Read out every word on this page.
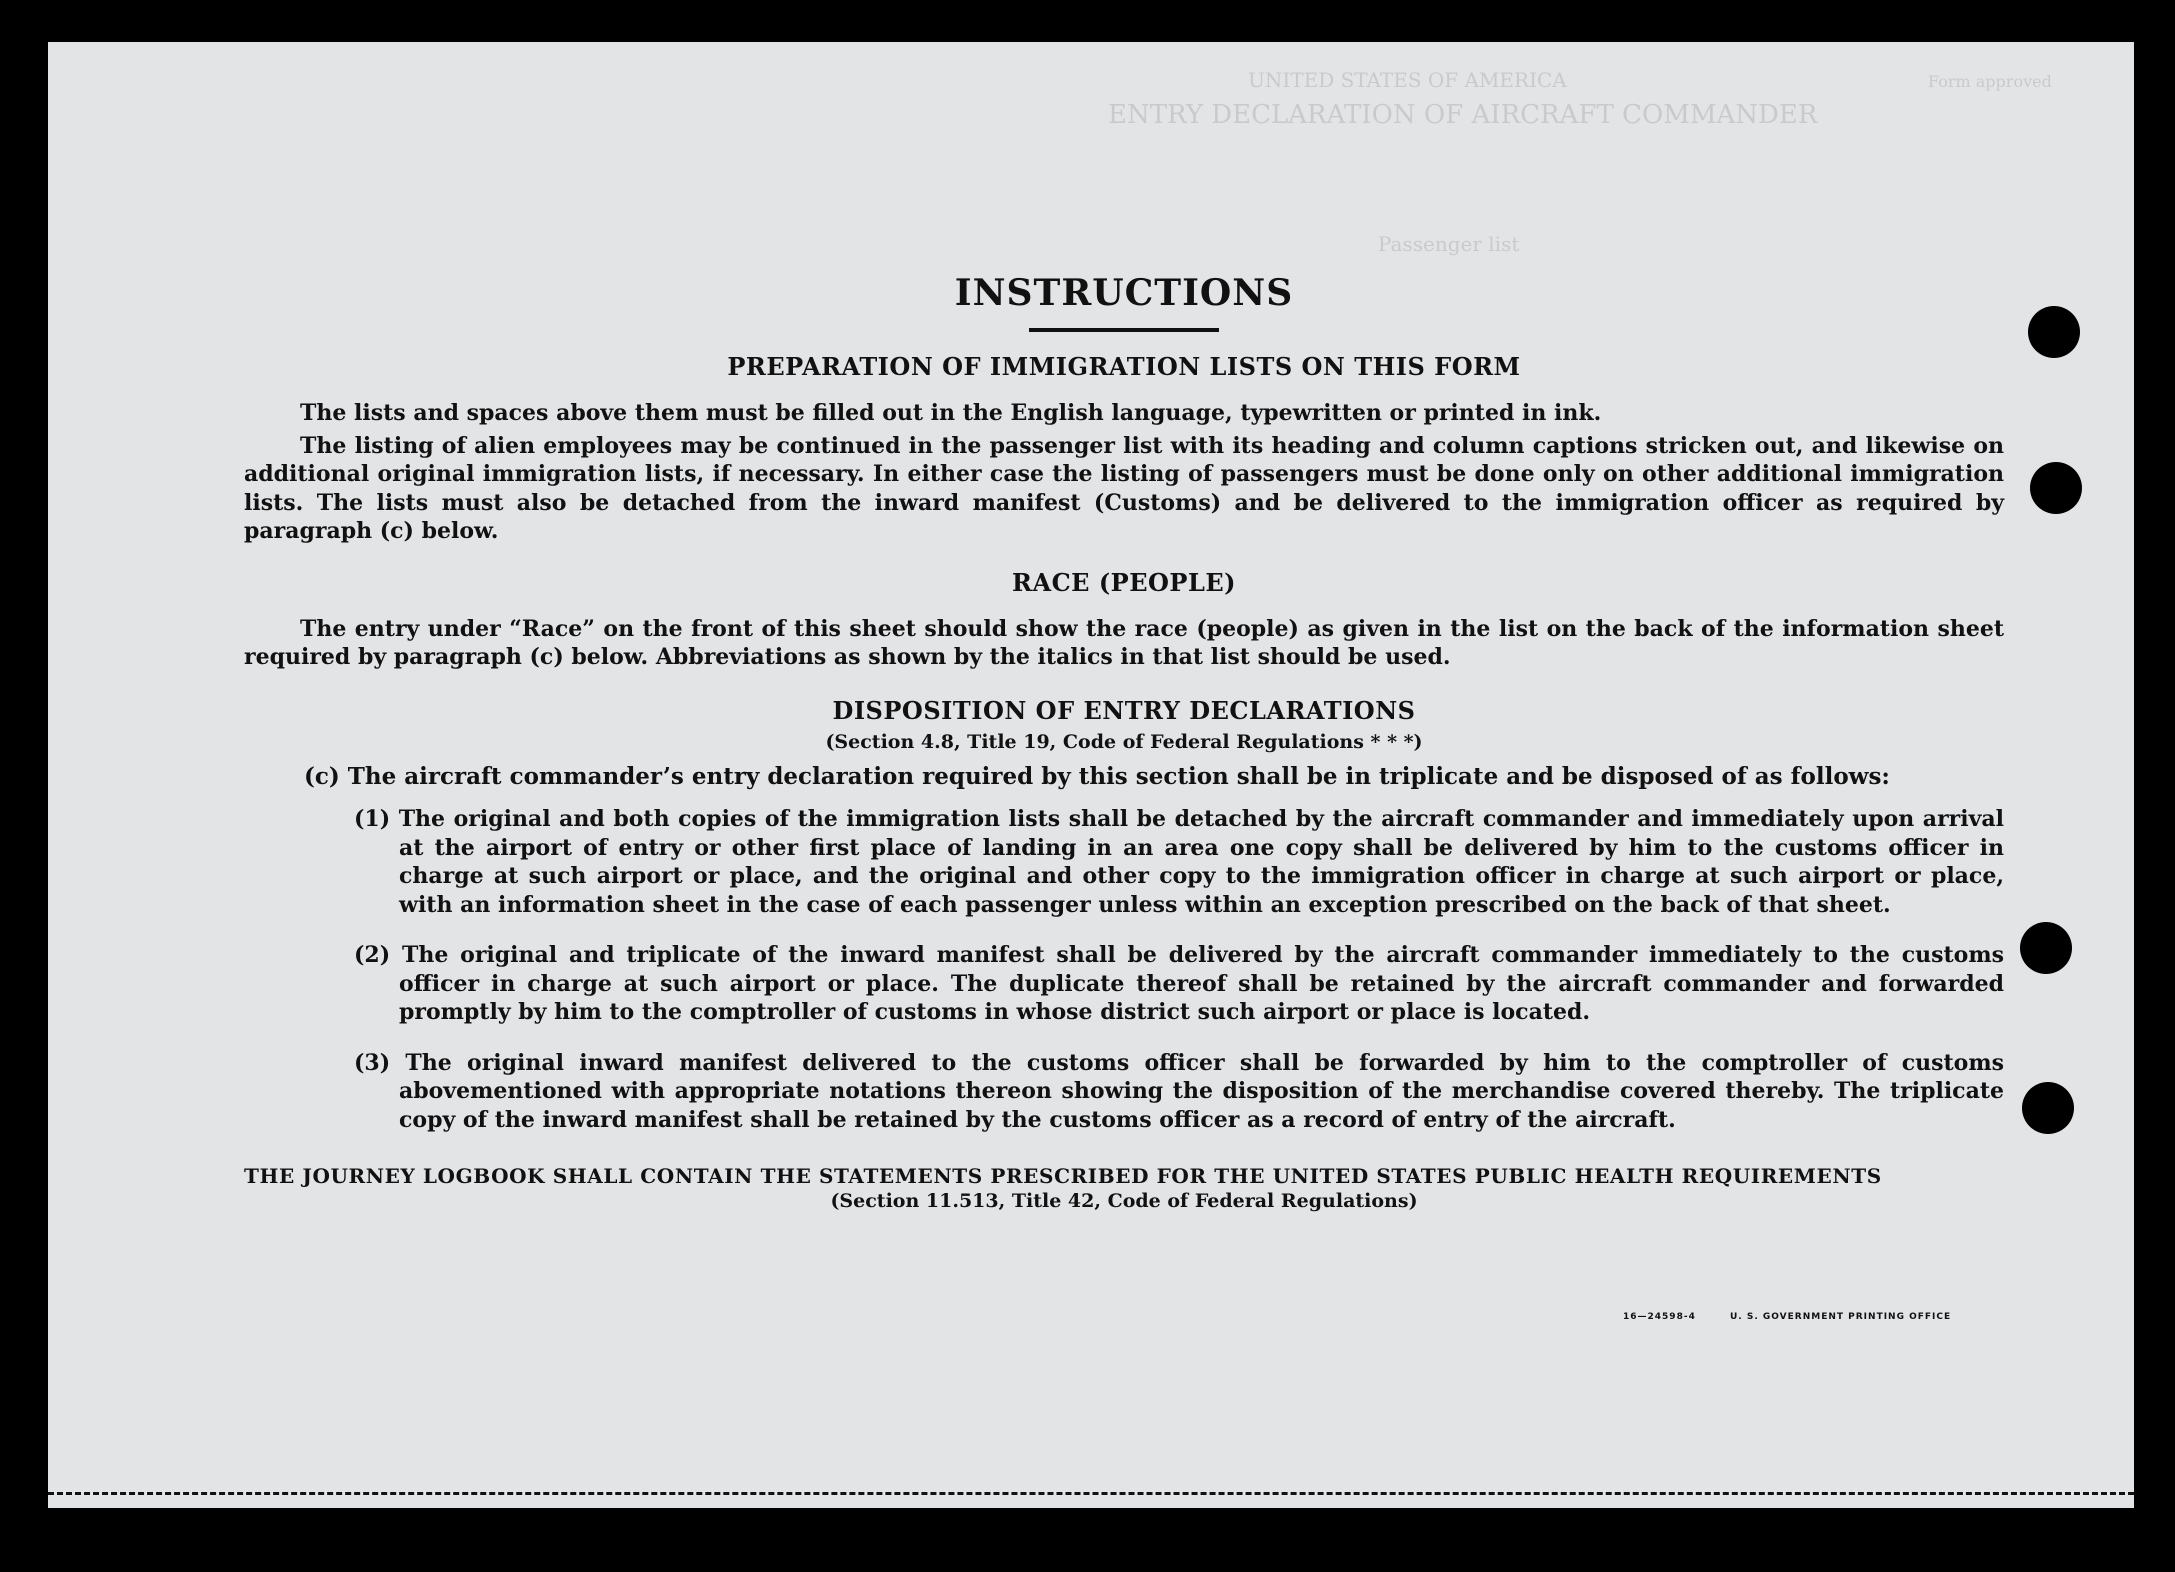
UNITED STATES OF AMERICA
ENTRY DECLARATION OF AIRCRAFT COMMANDER
Passenger list
Form approved
INSTRUCTIONS
PREPARATION OF IMMIGRATION LISTS ON THIS FORM

The lists and spaces above them must be filled out in the English language, typewritten or printed in ink.

The listing of alien employees may be continued in the passenger list with its heading and column captions stricken out, and likewise on additional original immigration lists, if necessary. In either case the listing of passengers must be done only on other additional immigration lists. The lists must also be detached from the inward manifest (Customs) and be delivered to the immigration officer as required by paragraph (c) below.

RACE (PEOPLE)

The entry under “Race” on the front of this sheet should show the race (people) as given in the list on the back of the information sheet required by paragraph (c) below. Abbreviations as shown by the italics in that list should be used.

DISPOSITION OF ENTRY DECLARATIONS
(Section 4.8, Title 19, Code of Federal Regulations * * *)

(c) The aircraft commander’s entry declaration required by this section shall be in triplicate and be disposed of as follows:

(1) The original and both copies of the immigration lists shall be detached by the aircraft commander and immediately upon arrival at the airport of entry or other first place of landing in an area one copy shall be delivered by him to the customs officer in charge at such airport or place, and the original and other copy to the immigration officer in charge at such airport or place, with an information sheet in the case of each passenger unless within an exception prescribed on the back of that sheet.
(2) The original and triplicate of the inward manifest shall be delivered by the aircraft commander immediately to the customs officer in charge at such airport or place. The duplicate thereof shall be retained by the aircraft commander and forwarded promptly by him to the comptroller of customs in whose district such airport or place is located.
(3) The original inward manifest delivered to the customs officer shall be forwarded by him to the comptroller of customs abovementioned with appropriate notations thereon showing the disposition of the merchandise covered thereby. The triplicate copy of the inward manifest shall be retained by the customs officer as a record of entry of the aircraft.
THE JOURNEY LOGBOOK SHALL CONTAIN THE STATEMENTS PRESCRIBED FOR THE UNITED STATES PUBLIC HEALTH REQUIREMENTS
(Section 11.513, Title 42, Code of Federal Regulations)
16—24598-4	U. S. GOVERNMENT PRINTING OFFICE
